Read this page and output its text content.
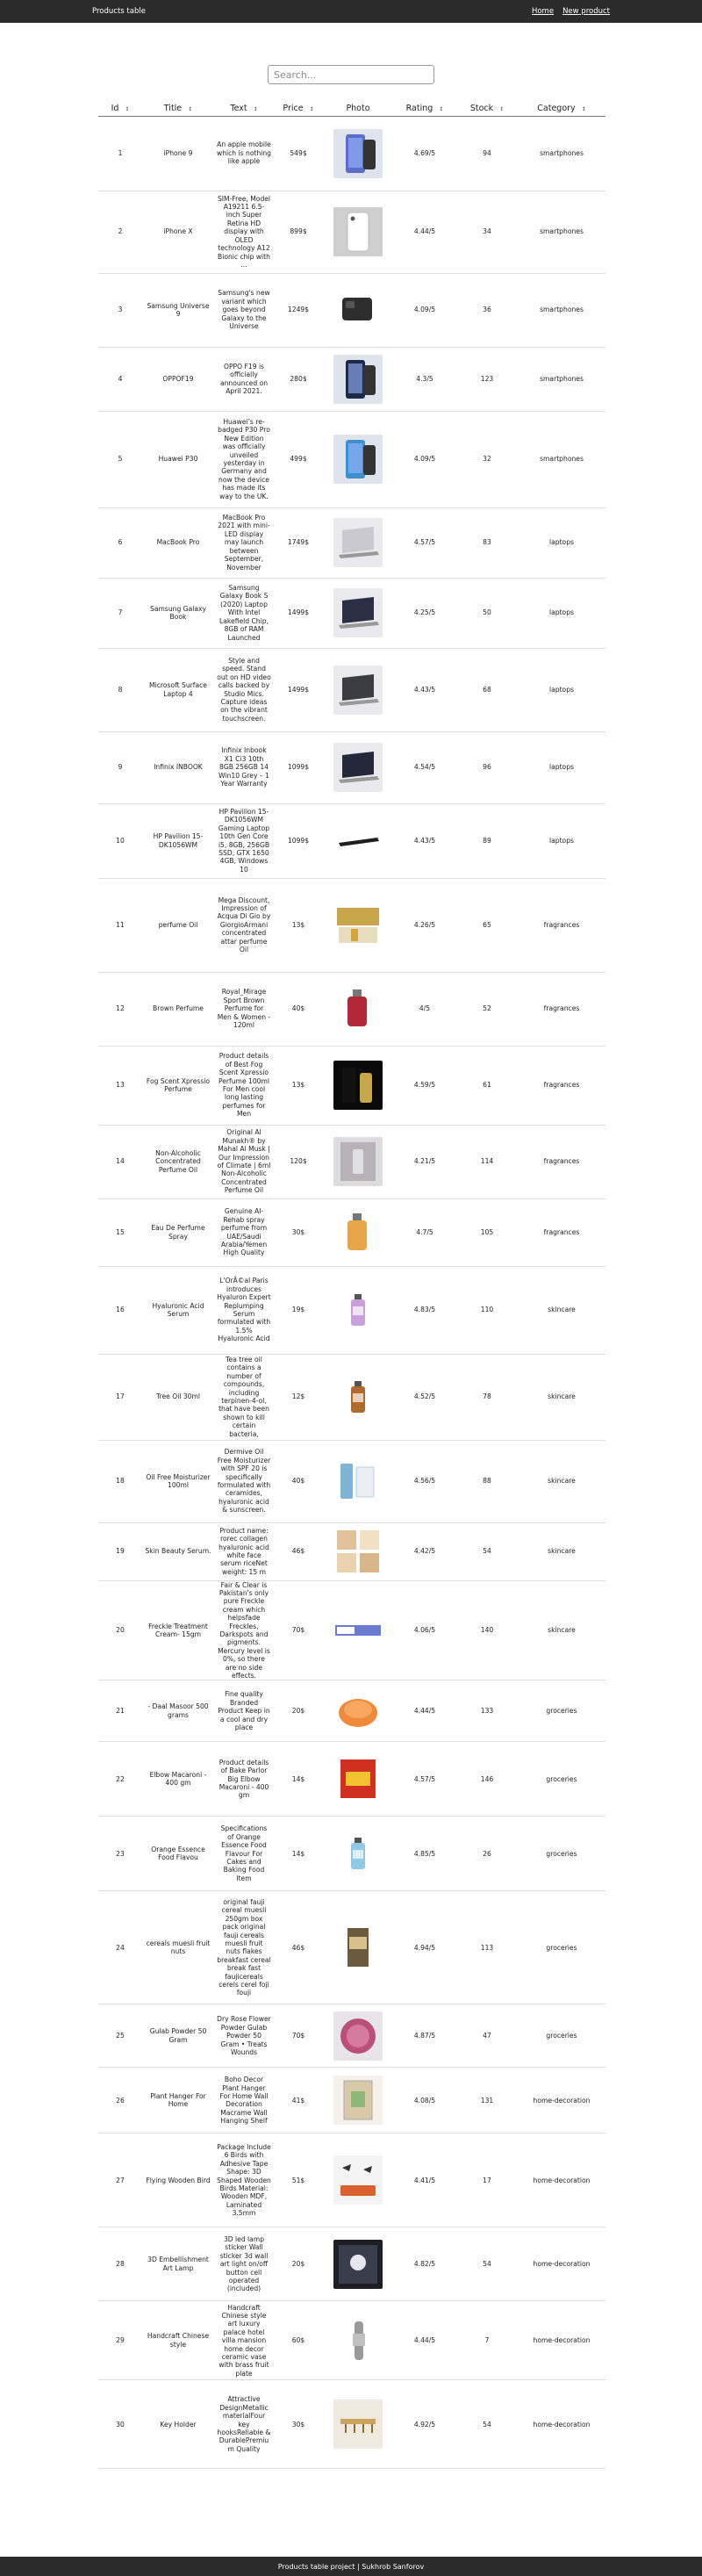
Products table	Home New product
Search...
Id ↕	Title ↕	Text ↕	Price ↕	Photo	Rating ↕	Stock ↕	Category ↕
1	iPhone 9	An apple mobile which is nothing like apple	549$		4.69/5	94	smartphones
2	iPhone X	SIM-Free, Model A19211 6.5-inch Super Retina HD display with OLED technology A12 Bionic chip with ...	899$		4.44/5	34	smartphones
3	Samsung Universe 9	Samsung's new variant which goes beyond Galaxy to the Universe	1249$		4.09/5	36	smartphones
4	OPPOF19	OPPO F19 is officially announced on April 2021.	280$		4.3/5	123	smartphones
5	Huawei P30	Huawei’s re-badged P30 Pro New Edition was officially unveiled yesterday in Germany and now the device has made its way to the UK.	499$		4.09/5	32	smartphones
6	MacBook Pro	MacBook Pro 2021 with mini-LED display may launch between September, November	1749$		4.57/5	83	laptops
7	Samsung Galaxy Book	Samsung Galaxy Book S (2020) Laptop With Intel Lakefield Chip, 8GB of RAM Launched	1499$		4.25/5	50	laptops
8	Microsoft Surface Laptop 4	Style and speed. Stand out on HD video calls backed by Studio Mics. Capture ideas on the vibrant touchscreen.	1499$		4.43/5	68	laptops
9	Infinix INBOOK	Infinix Inbook X1 Ci3 10th 8GB 256GB 14 Win10 Grey – 1 Year Warranty	1099$		4.54/5	96	laptops
10	HP Pavilion 15-DK1056WM	HP Pavilion 15-DK1056WM Gaming Laptop 10th Gen Core i5, 8GB, 256GB SSD, GTX 1650 4GB, Windows 10	1099$		4.43/5	89	laptops
11	perfume Oil	Mega Discount, Impression of Acqua Di Gio by GiorgioArmani concentrated attar perfume Oil	13$		4.26/5	65	fragrances
12	Brown Perfume	Royal_Mirage Sport Brown Perfume for Men & Women - 120ml	40$		4/5	52	fragrances
13	Fog Scent Xpressio Perfume	Product details of Best Fog Scent Xpressio Perfume 100ml For Men cool long lasting perfumes for Men	13$		4.59/5	61	fragrances
14	Non-Alcoholic Concentrated Perfume Oil	Original Al Munakh® by Mahal Al Musk | Our Impression of Climate | 6ml Non-Alcoholic Concentrated Perfume Oil	120$		4.21/5	114	fragrances
15	Eau De Perfume Spray	Genuine Al-Rehab spray perfume from UAE/Saudi Arabia/Yemen High Quality	30$		4.7/5	105	fragrances
16	Hyaluronic Acid Serum	L'OrÃ©al Paris introduces Hyaluron Expert Replumping Serum formulated with 1.5% Hyaluronic Acid	19$		4.83/5	110	skincare
17	Tree Oil 30ml	Tea tree oil contains a number of compounds, including terpinen-4-ol, that have been shown to kill certain bacteria,	12$		4.52/5	78	skincare
18	Oil Free Moisturizer 100ml	Dermive Oil Free Moisturizer with SPF 20 is specifically formulated with ceramides, hyaluronic acid & sunscreen.	40$		4.56/5	88	skincare
19	Skin Beauty Serum.	Product name: rorec collagen hyaluronic acid white face serum riceNet weight: 15 m	46$		4.42/5	54	skincare
20	Freckle Treatment Cream- 15gm	Fair & Clear is Pakistan's only pure Freckle cream which helpsfade Freckles, Darkspots and pigments. Mercury level is 0%, so there are no side effects.	70$		4.06/5	140	skincare
21	- Daal Masoor 500 grams	Fine quality Branded Product Keep in a cool and dry place	20$		4.44/5	133	groceries
22	Elbow Macaroni - 400 gm	Product details of Bake Parlor Big Elbow Macaroni - 400 gm	14$		4.57/5	146	groceries
23	Orange Essence Food Flavou	Specifications of Orange Essence Food Flavour For Cakes and Baking Food Item	14$		4.85/5	26	groceries
24	cereals muesli fruit nuts	original fauji cereal muesli 250gm box pack original fauji cereals muesli fruit nuts flakes breakfast cereal break fast faujicereals cerels cerel foji fouji	46$		4.94/5	113	groceries
25	Gulab Powder 50 Gram	Dry Rose Flower Powder Gulab Powder 50 Gram • Treats Wounds	70$		4.87/5	47	groceries
26	Plant Hanger For Home	Boho Decor Plant Hanger For Home Wall Decoration Macrame Wall Hanging Shelf	41$		4.08/5	131	home-decoration
27	Flying Wooden Bird	Package Include 6 Birds with Adhesive Tape Shape: 3D Shaped Wooden Birds Material: Wooden MDF, Laminated 3.5mm	51$		4.41/5	17	home-decoration
28	3D Embellishment Art Lamp	3D led lamp sticker Wall sticker 3d wall art light on/off button cell operated (included)	20$		4.82/5	54	home-decoration
29	Handcraft Chinese style	Handcraft Chinese style art luxury palace hotel villa mansion home decor ceramic vase with brass fruit plate	60$		4.44/5	7	home-decoration
30	Key Holder	Attractive DesignMetallic materialFour key hooksReliable & DurablePremium Quality	30$		4.92/5	54	home-decoration
Products table project | Sukhrob Sanforov
